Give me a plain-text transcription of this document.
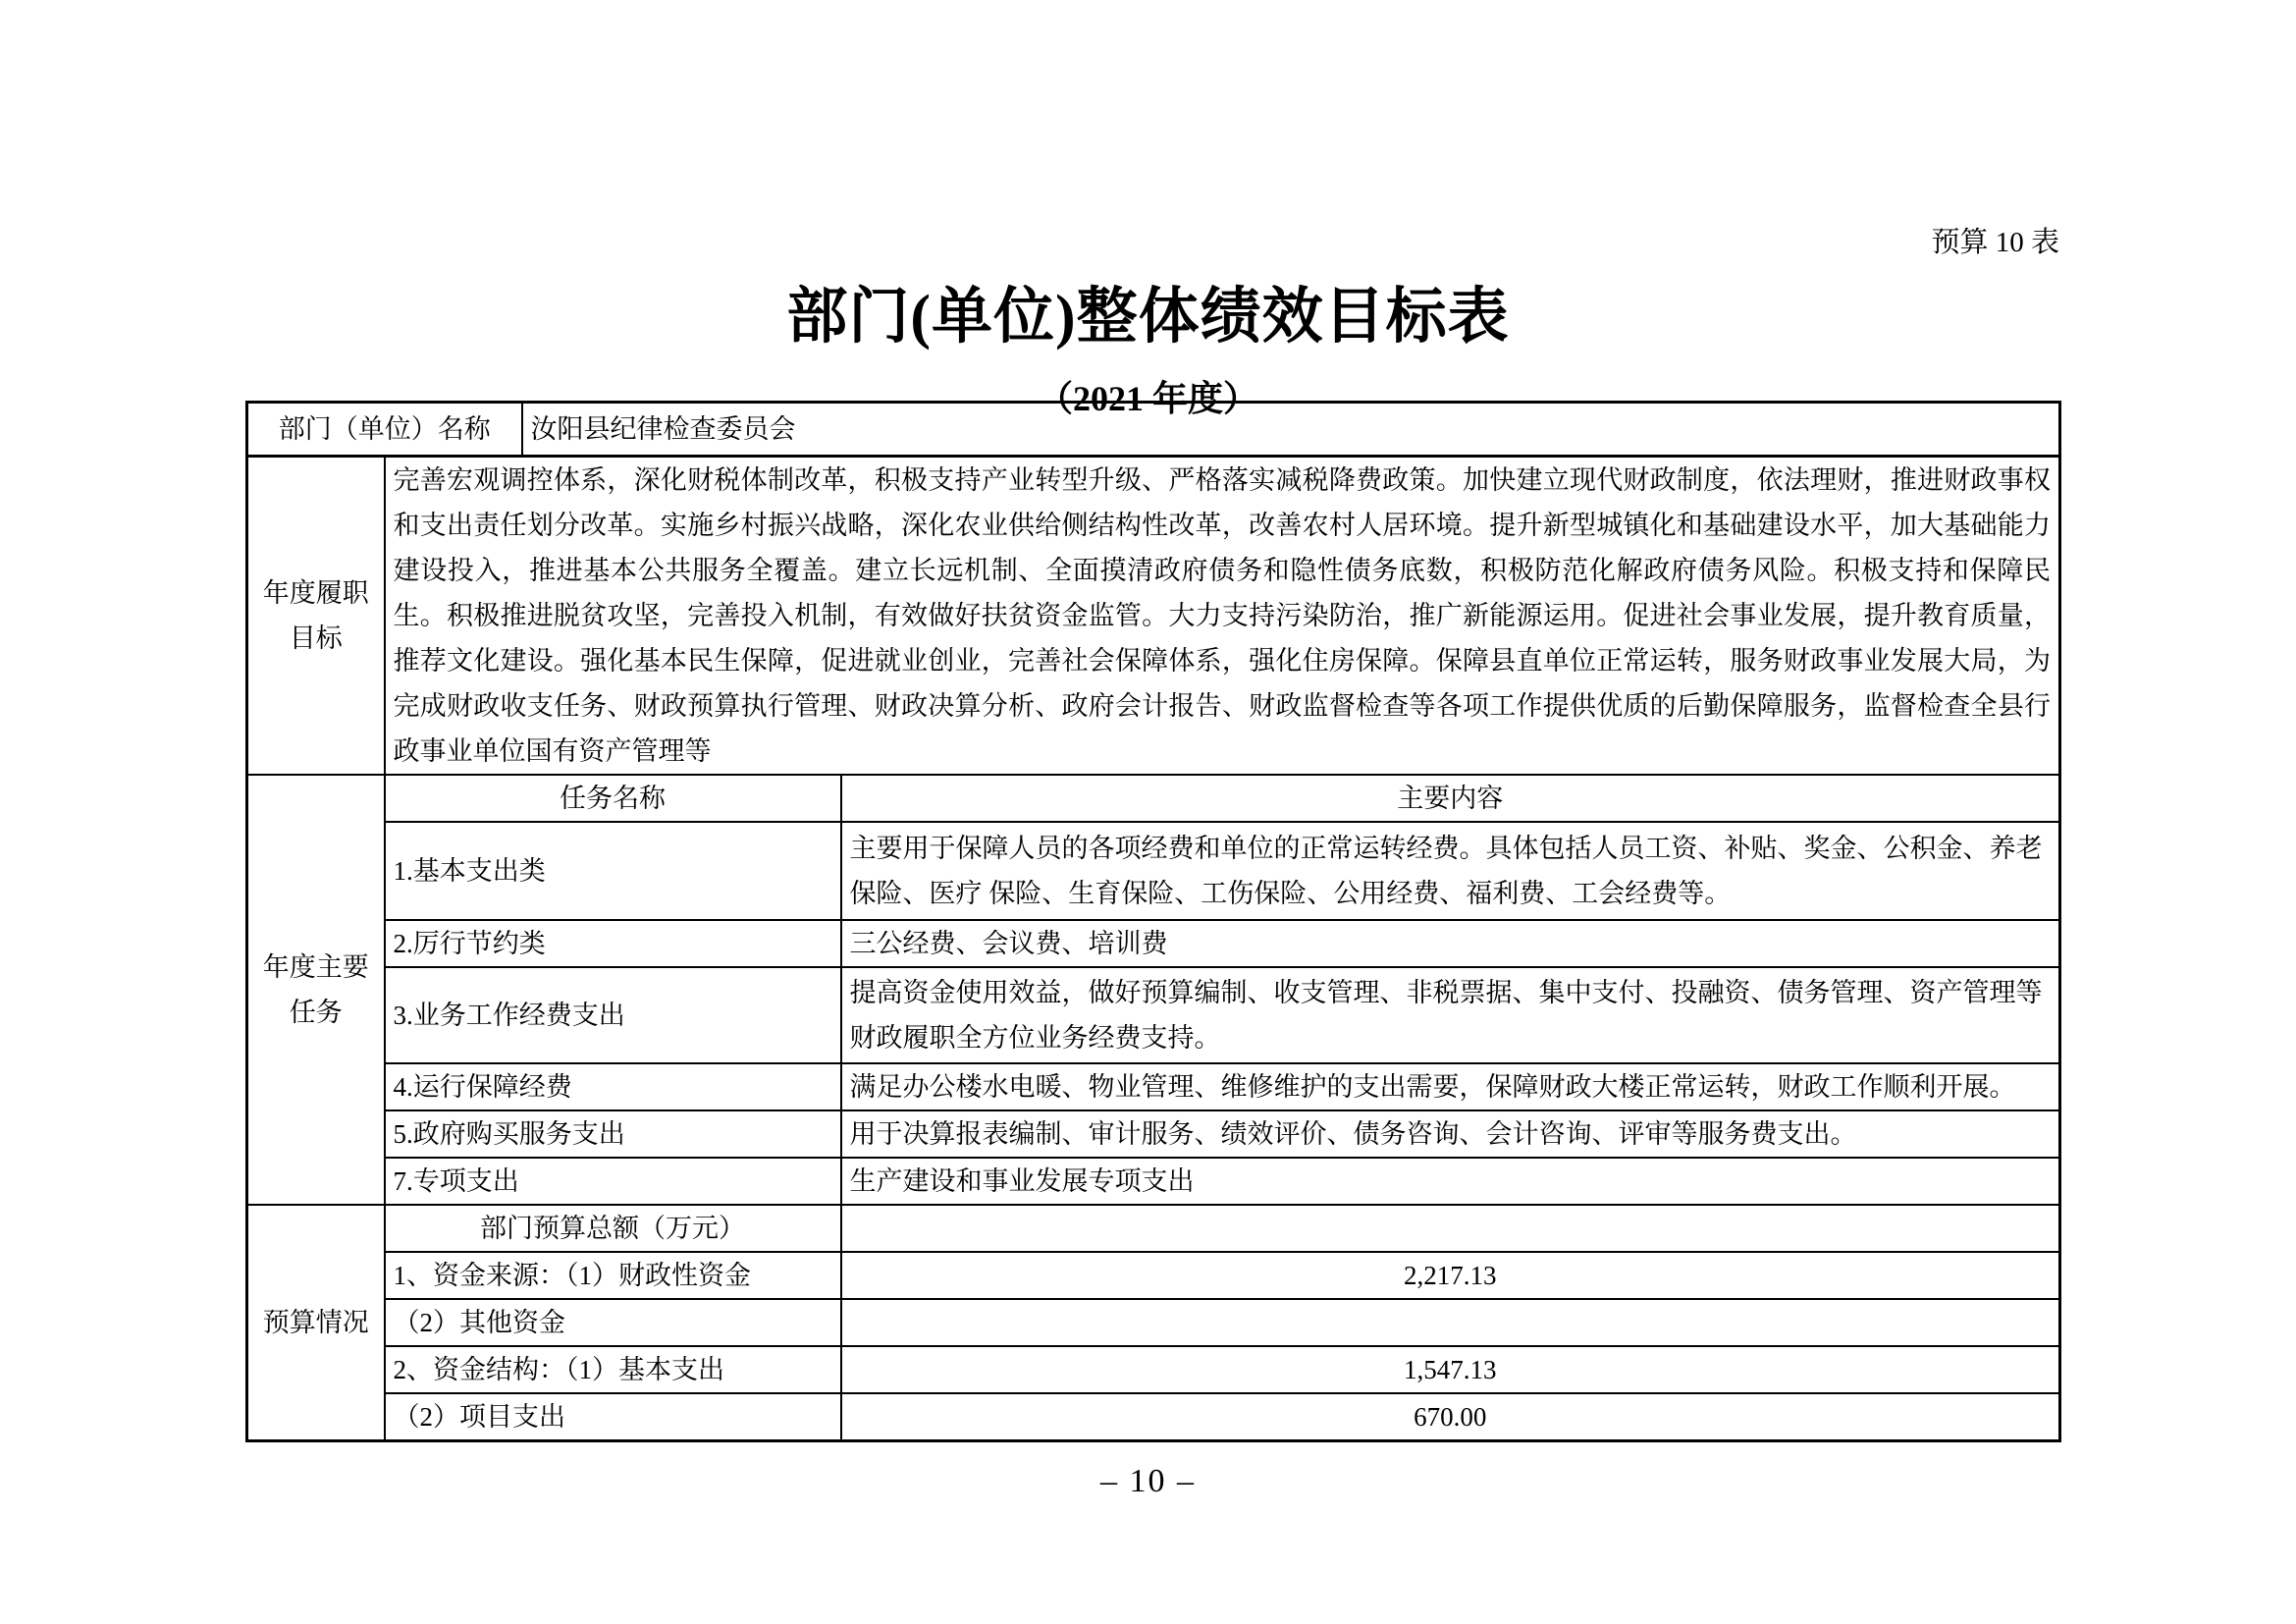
预算 10 表
部门(单位)整体绩效目标表
（2021 年度）
部门（单位）名称	汝阳县纪律检查委员会
年度履职目标	完善宏观调控体系，深化财税体制改革，积极支持产业转型升级、严格落实减税降费政策。加快建立现代财政制度，依法理财，推进财政事权和支出责任划分改革。实施乡村振兴战略，深化农业供给侧结构性改革，改善农村人居环境。提升新型城镇化和基础建设水平，加大基础能力建设投入，推进基本公共服务全覆盖。建立长远机制、全面摸清政府债务和隐性债务底数，积极防范化解政府债务风险。积极支持和保障民生。积极推进脱贫攻坚，完善投入机制，有效做好扶贫资金监管。大力支持污染防治，推广新能源运用。促进社会事业发展，提升教育质量，推荐文化建设。强化基本民生保障，促进就业创业，完善社会保障体系，强化住房保障。保障县直单位正常运转，服务财政事业发展大局，为完成财政收支任务、财政预算执行管理、财政决算分析、政府会计报告、财政监督检查等各项工作提供优质的后勤保障服务，监督检查全县行政事业单位国有资产管理等	
年度主要任务	任务名称	主要内容
	1.基本支出类	主要用于保障人员的各项经费和单位的正常运转经费。具体包括人员工资、补贴、奖金、公积金、养老保险、医疗 保险、生育保险、工伤保险、公用经费、福利费、工会经费等。
	2.厉行节约类	三公经费、会议费、培训费
	3.业务工作经费支出	提高资金使用效益，做好预算编制、收支管理、非税票据、集中支付、投融资、债务管理、资产管理等财政履职全方位业务经费支持。
	4.运行保障经费	满足办公楼水电暖、物业管理、维修维护的支出需要，保障财政大楼正常运转，财政工作顺利开展。
	5.政府购买服务支出	用于决算报表编制、审计服务、绩效评价、债务咨询、会计咨询、评审等服务费支出。
	7.专项支出	生产建设和事业发展专项支出
预算情况	部门预算总额（万元）	
	1、资金来源：（1）财政性资金	2,217.13
	（2）其他资金	
	2、资金结构：（1）基本支出	1,547.13
	（2）项目支出	670.00
– 10 –
